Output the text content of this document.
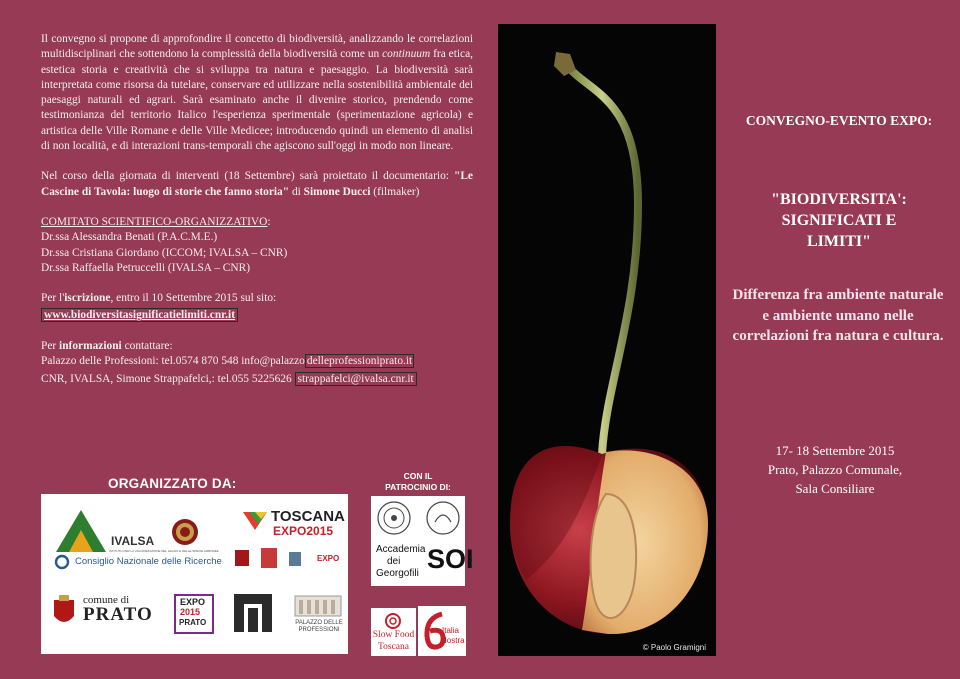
Il convegno si propone di approfondire il concetto di biodiversità, analizzando le correlazioni multidisciplinari che sottendono la complessità della biodiversità come un continuum fra etica, estetica storia e creatività che si sviluppa tra natura e paesaggio. La biodiversità sarà interpretata come risorsa da tutelare, conservare ed utilizzare nella sostenibilità ambientale dei paesaggi naturali ed agrari. Sarà esaminato anche il divenire storico, prendendo come testimonianza del territorio Italico l'esperienza sperimentale (sperimentazione agricola) e artistica delle Ville Romane e delle Ville Medicee; introducendo quindi un elemento di analisi di non località, e di interazioni trans-temporali che agiscono sull'oggi in modo non lineare.

Nel corso della giornata di interventi (18 Settembre) sarà proiettato il documentario: "Le Cascine di Tavola: luogo di storie che fanno storia" di Simone Ducci (filmaker)

COMITATO SCIENTIFICO-ORGANIZZATIVO:
Dr.ssa Alessandra Benati (P.A.C.M.E.)
Dr.ssa Cristiana Giordano (ICCOM; IVALSA – CNR)
Dr.ssa Raffaella Petruccelli (IVALSA – CNR)

Per l'iscrizione, entro il 10 Settembre 2015 sul sito:
www.biodiversitasignificatielimiti.cnr.it

Per informazioni contattare:
Palazzo delle Professioni: tel.0574 870 548 info@palazzo delleprofessioniprato.it
CNR, IVALSA, Simone Strappafelci,: tel.055 5225626 strappafelci@ivalsa.cnr.it

ORGANIZZATO DA:
IVALSA
ISTITUTO PER LA VALORIZZAZIONE DEL LEGNO E DELLE SPECIE ARBOREE
Consiglio Nazionale delle Ricerche
TOSCANA
EXPO2015
EXPO
comune di
PRATO
EXPO
2015
PRATO	PALAZZO DELLE PROFESSIONI
CON IL
PATROCINIO DI:
Accademia
dei
Georgofili SOI
Slow Food
Toscana
Italia
Nostra
© Paolo Gramigni
CONVEGNO-EVENTO EXPO:
"BIODIVERSITA':
SIGNIFICATI E
LIMITI"
Differenza fra ambiente naturale e ambiente umano nelle correlazioni fra natura e cultura.
17- 18 Settembre 2015
Prato, Palazzo Comunale,
Sala Consiliare
